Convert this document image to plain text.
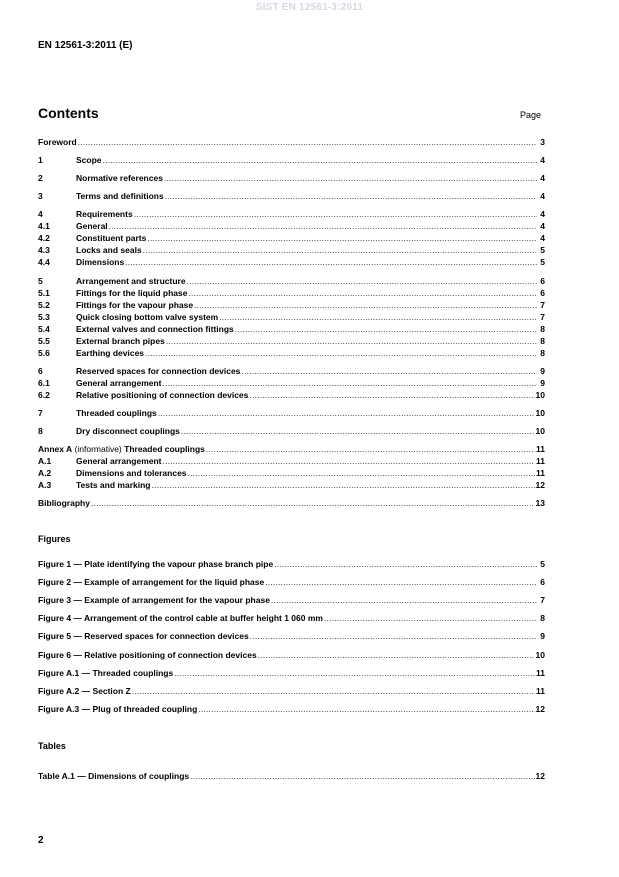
SIST EN 12561-3:2011
EN 12561-3:2011 (E)
Contents	Page
Foreword .....	3
1	Scope .....	4
2	Normative references .....	4
3	Terms and definitions .....	4
4	Requirements .....	4
4.1	General .....	4
4.2	Constituent parts .....	4
4.3	Locks and seals .....	5
4.4	Dimensions .....	5
5	Arrangement and structure .....	6
5.1	Fittings for the liquid phase .....	6
5.2	Fittings for the vapour phase .....	7
5.3	Quick closing bottom valve system .....	7
5.4	External valves and connection fittings .....	8
5.5	External branch pipes .....	8
5.6	Earthing devices .....	8
6	Reserved spaces for connection devices .....	9
6.1	General arrangement .....	9
6.2	Relative positioning of connection devices .....	10
7	Threaded couplings .....	10
8	Dry disconnect couplings .....	10
Annex A (informative) Threaded couplings .....	11
A.1	General arrangement .....	11
A.2	Dimensions and tolerances .....	11
A.3	Tests and marking .....	12
Bibliography .....	13
Figure 1 — Plate identifying the vapour phase branch pipe .....	5
Figure 2 — Example of arrangement for the liquid phase .....	6
Figure 3 — Example of arrangement for the vapour phase .....	7
Figure 4 — Arrangement of the control cable at buffer height 1 060 mm .....	8
Figure 5 — Reserved spaces for connection devices .....	9
Figure 6 — Relative positioning of connection devices .....	10
Figure A.1 — Threaded couplings .....	11
Figure A.2 — Section Z .....	11
Figure A.3 — Plug of threaded coupling .....	12
Table A.1 — Dimensions of couplings .....	12
Figures
Tables
2
